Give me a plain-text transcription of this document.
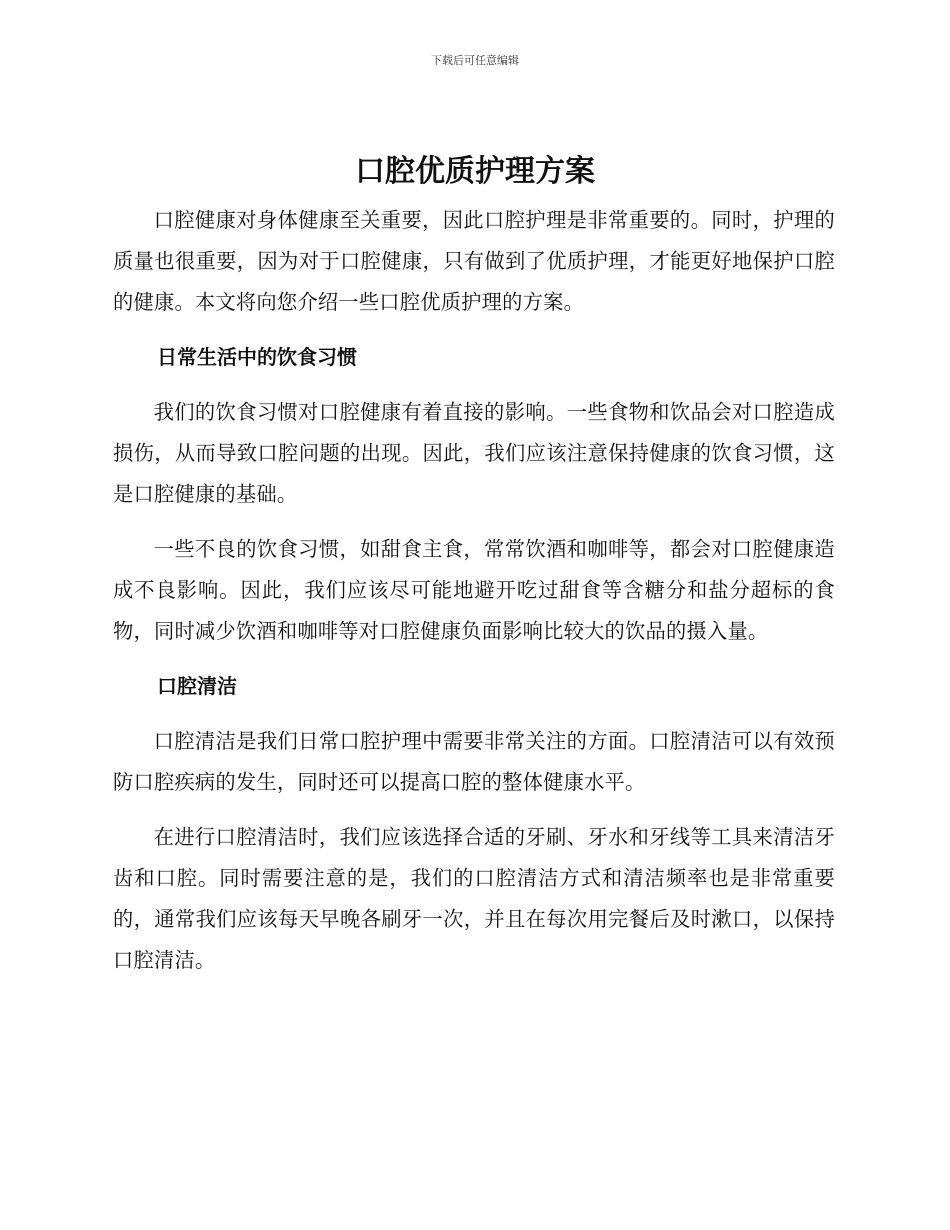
下载后可任意编辑
口腔优质护理方案

口腔健康对身体健康至关重要，因此口腔护理是非常重要的。同时，护理的质量也很重要，因为对于口腔健康，只有做到了优质护理，才能更好地保护口腔的健康。本文将向您介绍一些口腔优质护理的方案。

日常生活中的饮食习惯

我们的饮食习惯对口腔健康有着直接的影响。一些食物和饮品会对口腔造成损伤，从而导致口腔问题的出现。因此，我们应该注意保持健康的饮食习惯，这是口腔健康的基础。

一些不良的饮食习惯，如甜食主食，常常饮酒和咖啡等，都会对口腔健康造成不良影响。因此，我们应该尽可能地避开吃过甜食等含糖分和盐分超标的食物，同时减少饮酒和咖啡等对口腔健康负面影响比较大的饮品的摄入量。

口腔清洁

口腔清洁是我们日常口腔护理中需要非常关注的方面。口腔清洁可以有效预防口腔疾病的发生，同时还可以提高口腔的整体健康水平。

在进行口腔清洁时，我们应该选择合适的牙刷、牙水和牙线等工具来清洁牙齿和口腔。同时需要注意的是，我们的口腔清洁方式和清洁频率也是非常重要的，通常我们应该每天早晚各刷牙一次，并且在每次用完餐后及时漱口，以保持口腔清洁。
